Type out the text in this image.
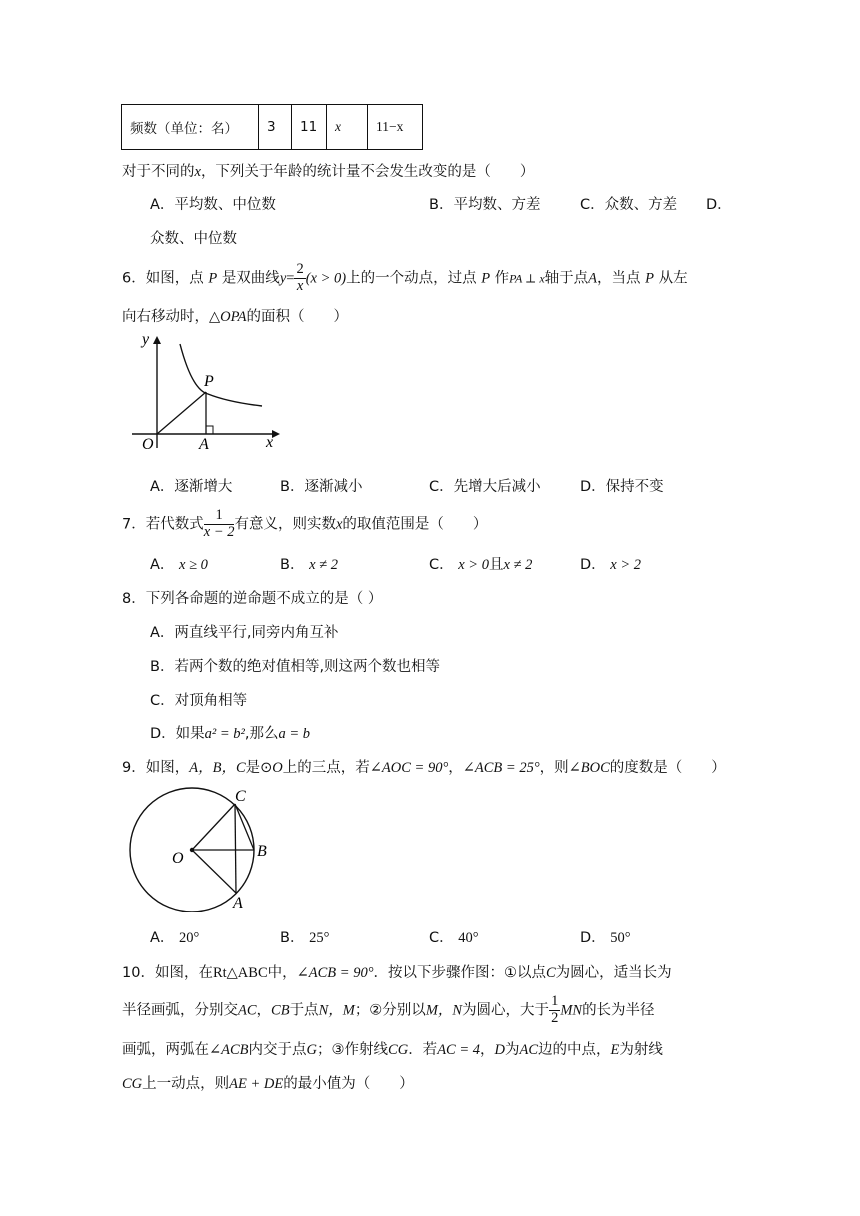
频数（单位：名）	3	11	x	11−x
对于不同的x，下列关于年龄的统计量不会发生改变的是（　　）
A．平均数、中位数	B．平均数、方差	C．众数、方差 D．
众数、中位数
6．如图，点 P 是双曲线$y= \frac{2}{x} (x > 0)$上的一个动点，过点 P 作PA ⊥ x轴于点A，当点 P 从左
向右移动时，△OPA的面积（　　）
y
P
O	A	x
A．逐渐增大	B．逐渐减小	C．先增大后减小	D．保持不变
7．若代数式 $\frac{1}{x - 2}$ 有意义，则实数x的取值范围是（　　）
A． x ≥ 0	B． x ≠ 2	C． x > 0且x ≠ 2	D． x > 2
8．下列各命题的逆命题不成立的是（ ）
A．两直线平行,同旁内角互补
B．若两个数的绝对值相等,则这两个数也相等
C．对顶角相等
D．如果a² = b²,那么a = b
9．如图，A，B，C是⊙O上的三点，若∠AOC = 90°，∠ACB = 25°，则∠BOC的度数是（　　）
C
O	B
A
A． 20°	B． 25°	C． 40°	D． 50°
10．如图，在Rt△ABC中，∠ACB = 90°．按以下步骤作图：①以点C为圆心，适当长为
半径画弧，分别交AC，CB于点N，M；②分别以M，N为圆心，大于 $\frac{1}{2}$ MN的长为半径
画弧，两弧在∠ACB内交于点G；③作射线CG．若AC = 4，D为AC边的中点，E为射线
CG上一动点，则AE + DE的最小值为（　　）
